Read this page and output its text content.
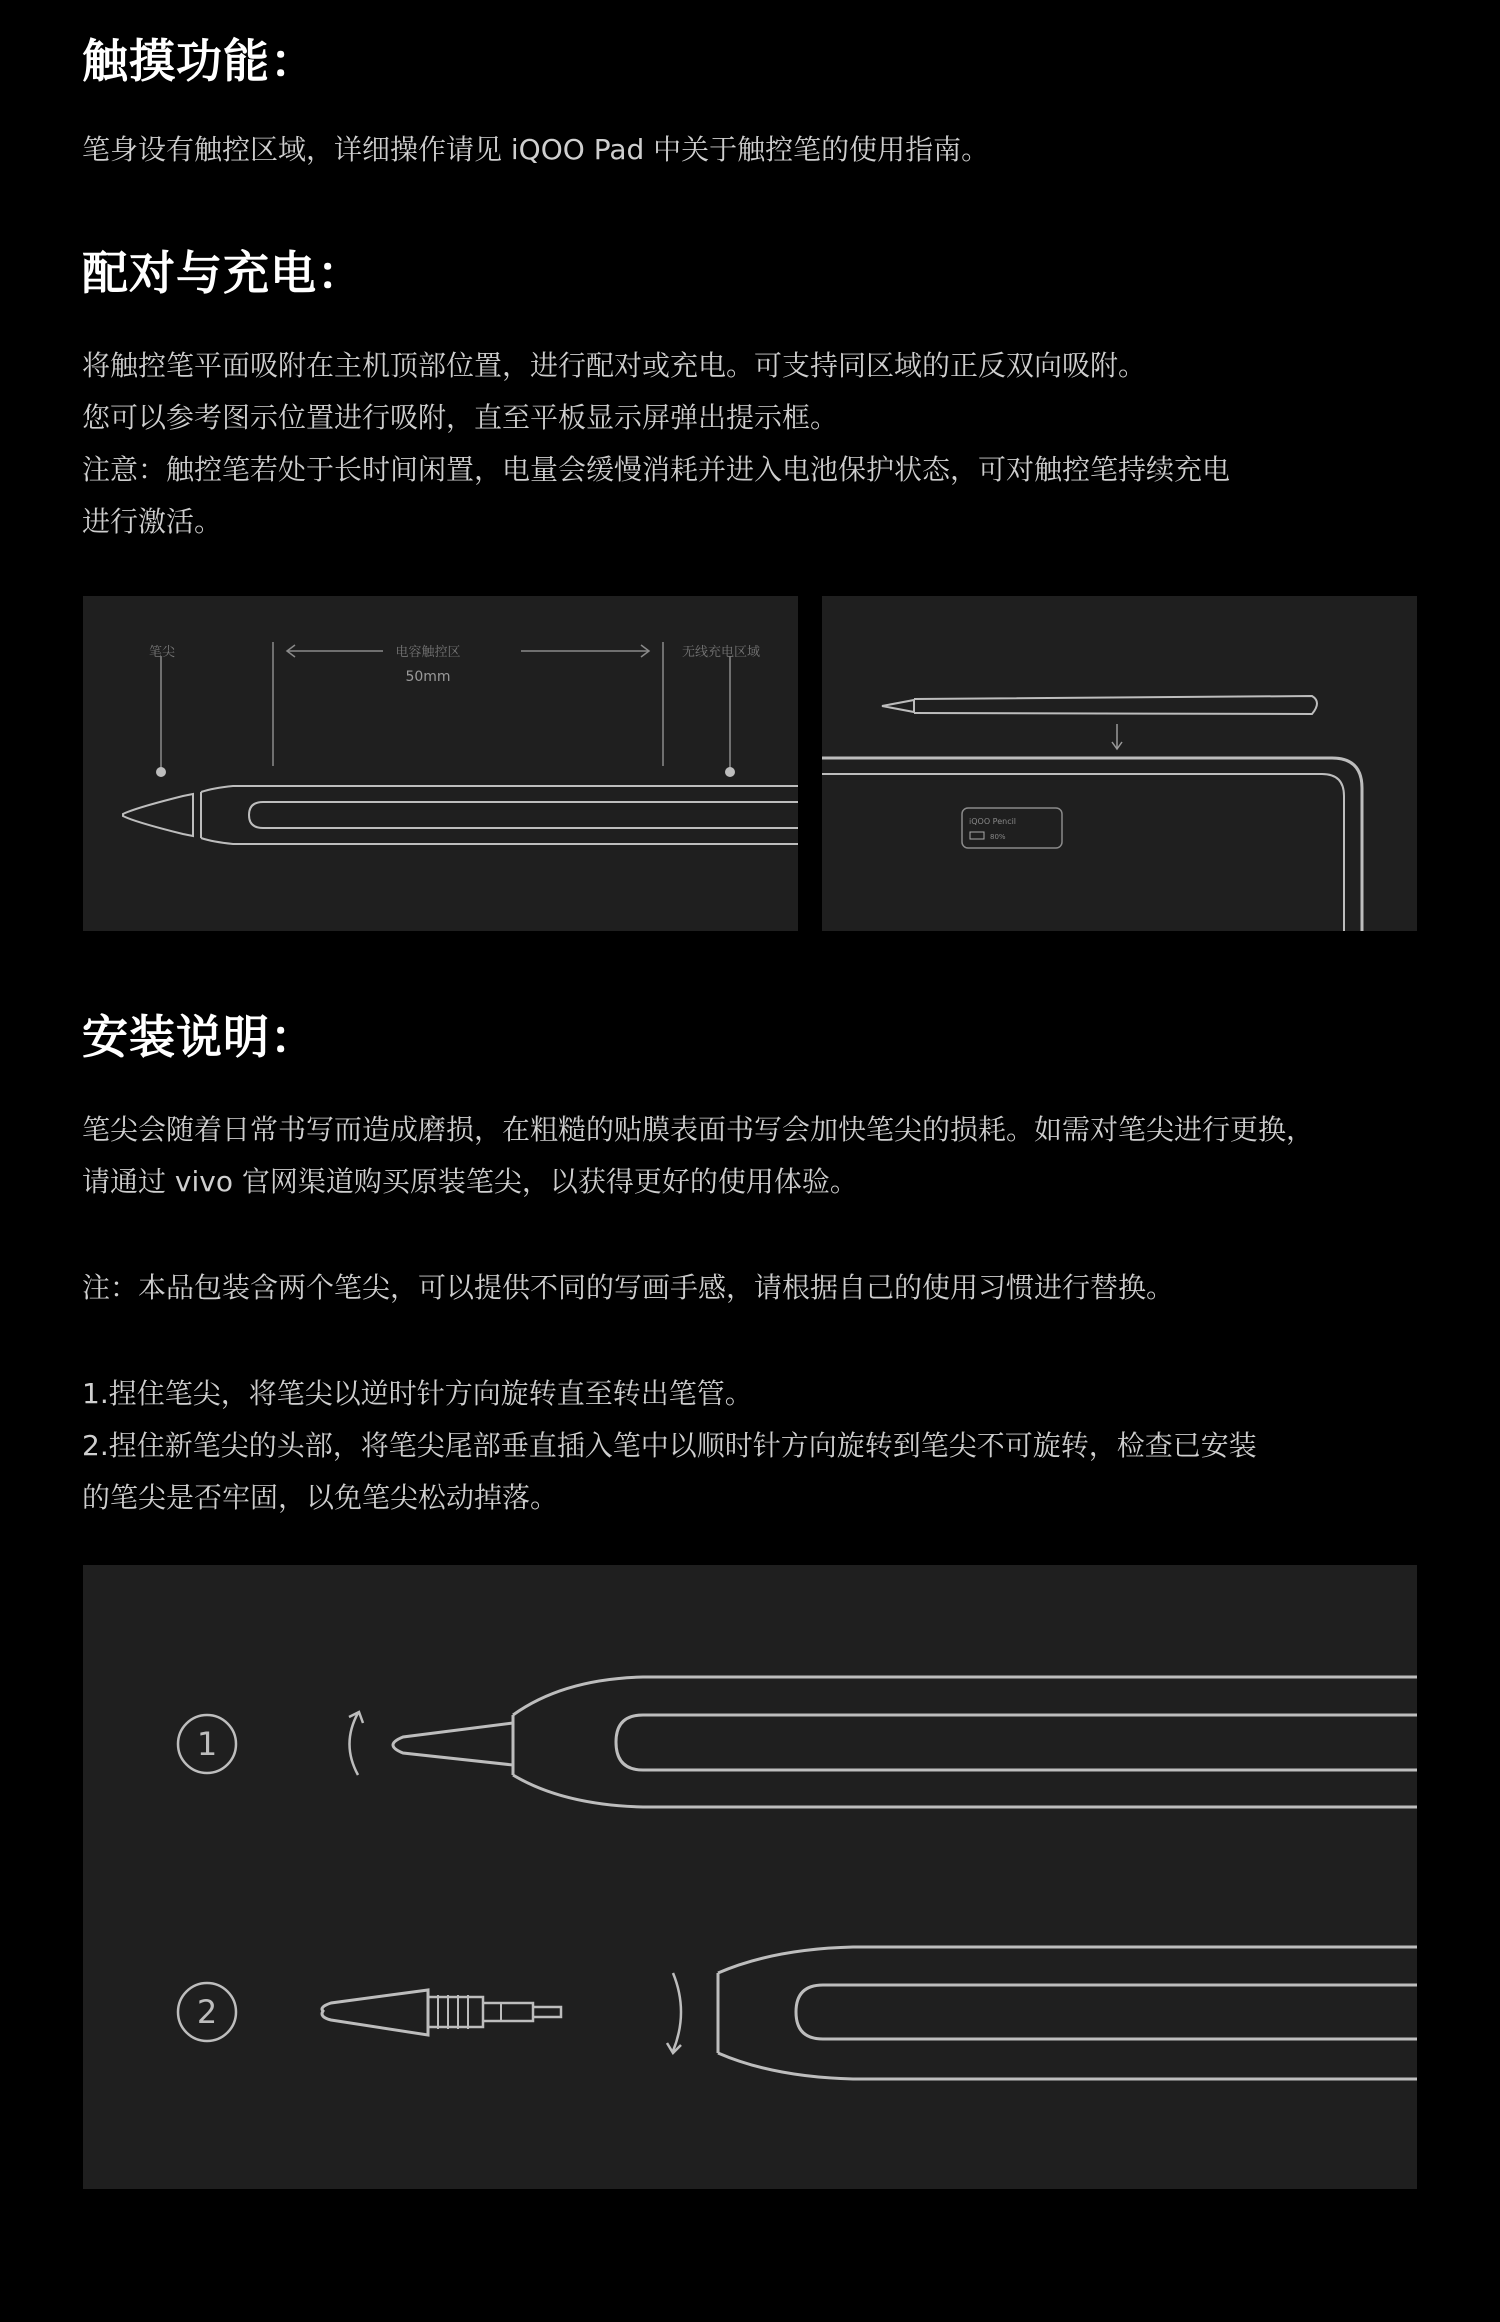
触摸功能：
笔身设有触控区域，详细操作请见 iQOO Pad 中关于触控笔的使用指南。
配对与充电：
将触控笔平面吸附在主机顶部位置，进行配对或充电。可支持同区域的正反双向吸附。
您可以参考图示位置进行吸附，直至平板显示屏弹出提示框。
注意：触控笔若处于长时间闲置，电量会缓慢消耗并进入电池保护状态，可对触控笔持续充电
进行激活。
笔尖	电容触控区
50mm
无线充电区域
iQOO Pencil
80%
安装说明：
笔尖会随着日常书写而造成磨损，在粗糙的贴膜表面书写会加快笔尖的损耗。如需对笔尖进行更换，
请通过 vivo 官网渠道购买原装笔尖，以获得更好的使用体验。
注：本品包装含两个笔尖，可以提供不同的写画手感，请根据自己的使用习惯进行替换。
1.捏住笔尖，将笔尖以逆时针方向旋转直至转出笔管。
2.捏住新笔尖的头部，将笔尖尾部垂直插入笔中以顺时针方向旋转到笔尖不可旋转，检查已安装
的笔尖是否牢固，以免笔尖松动掉落。
1
2
